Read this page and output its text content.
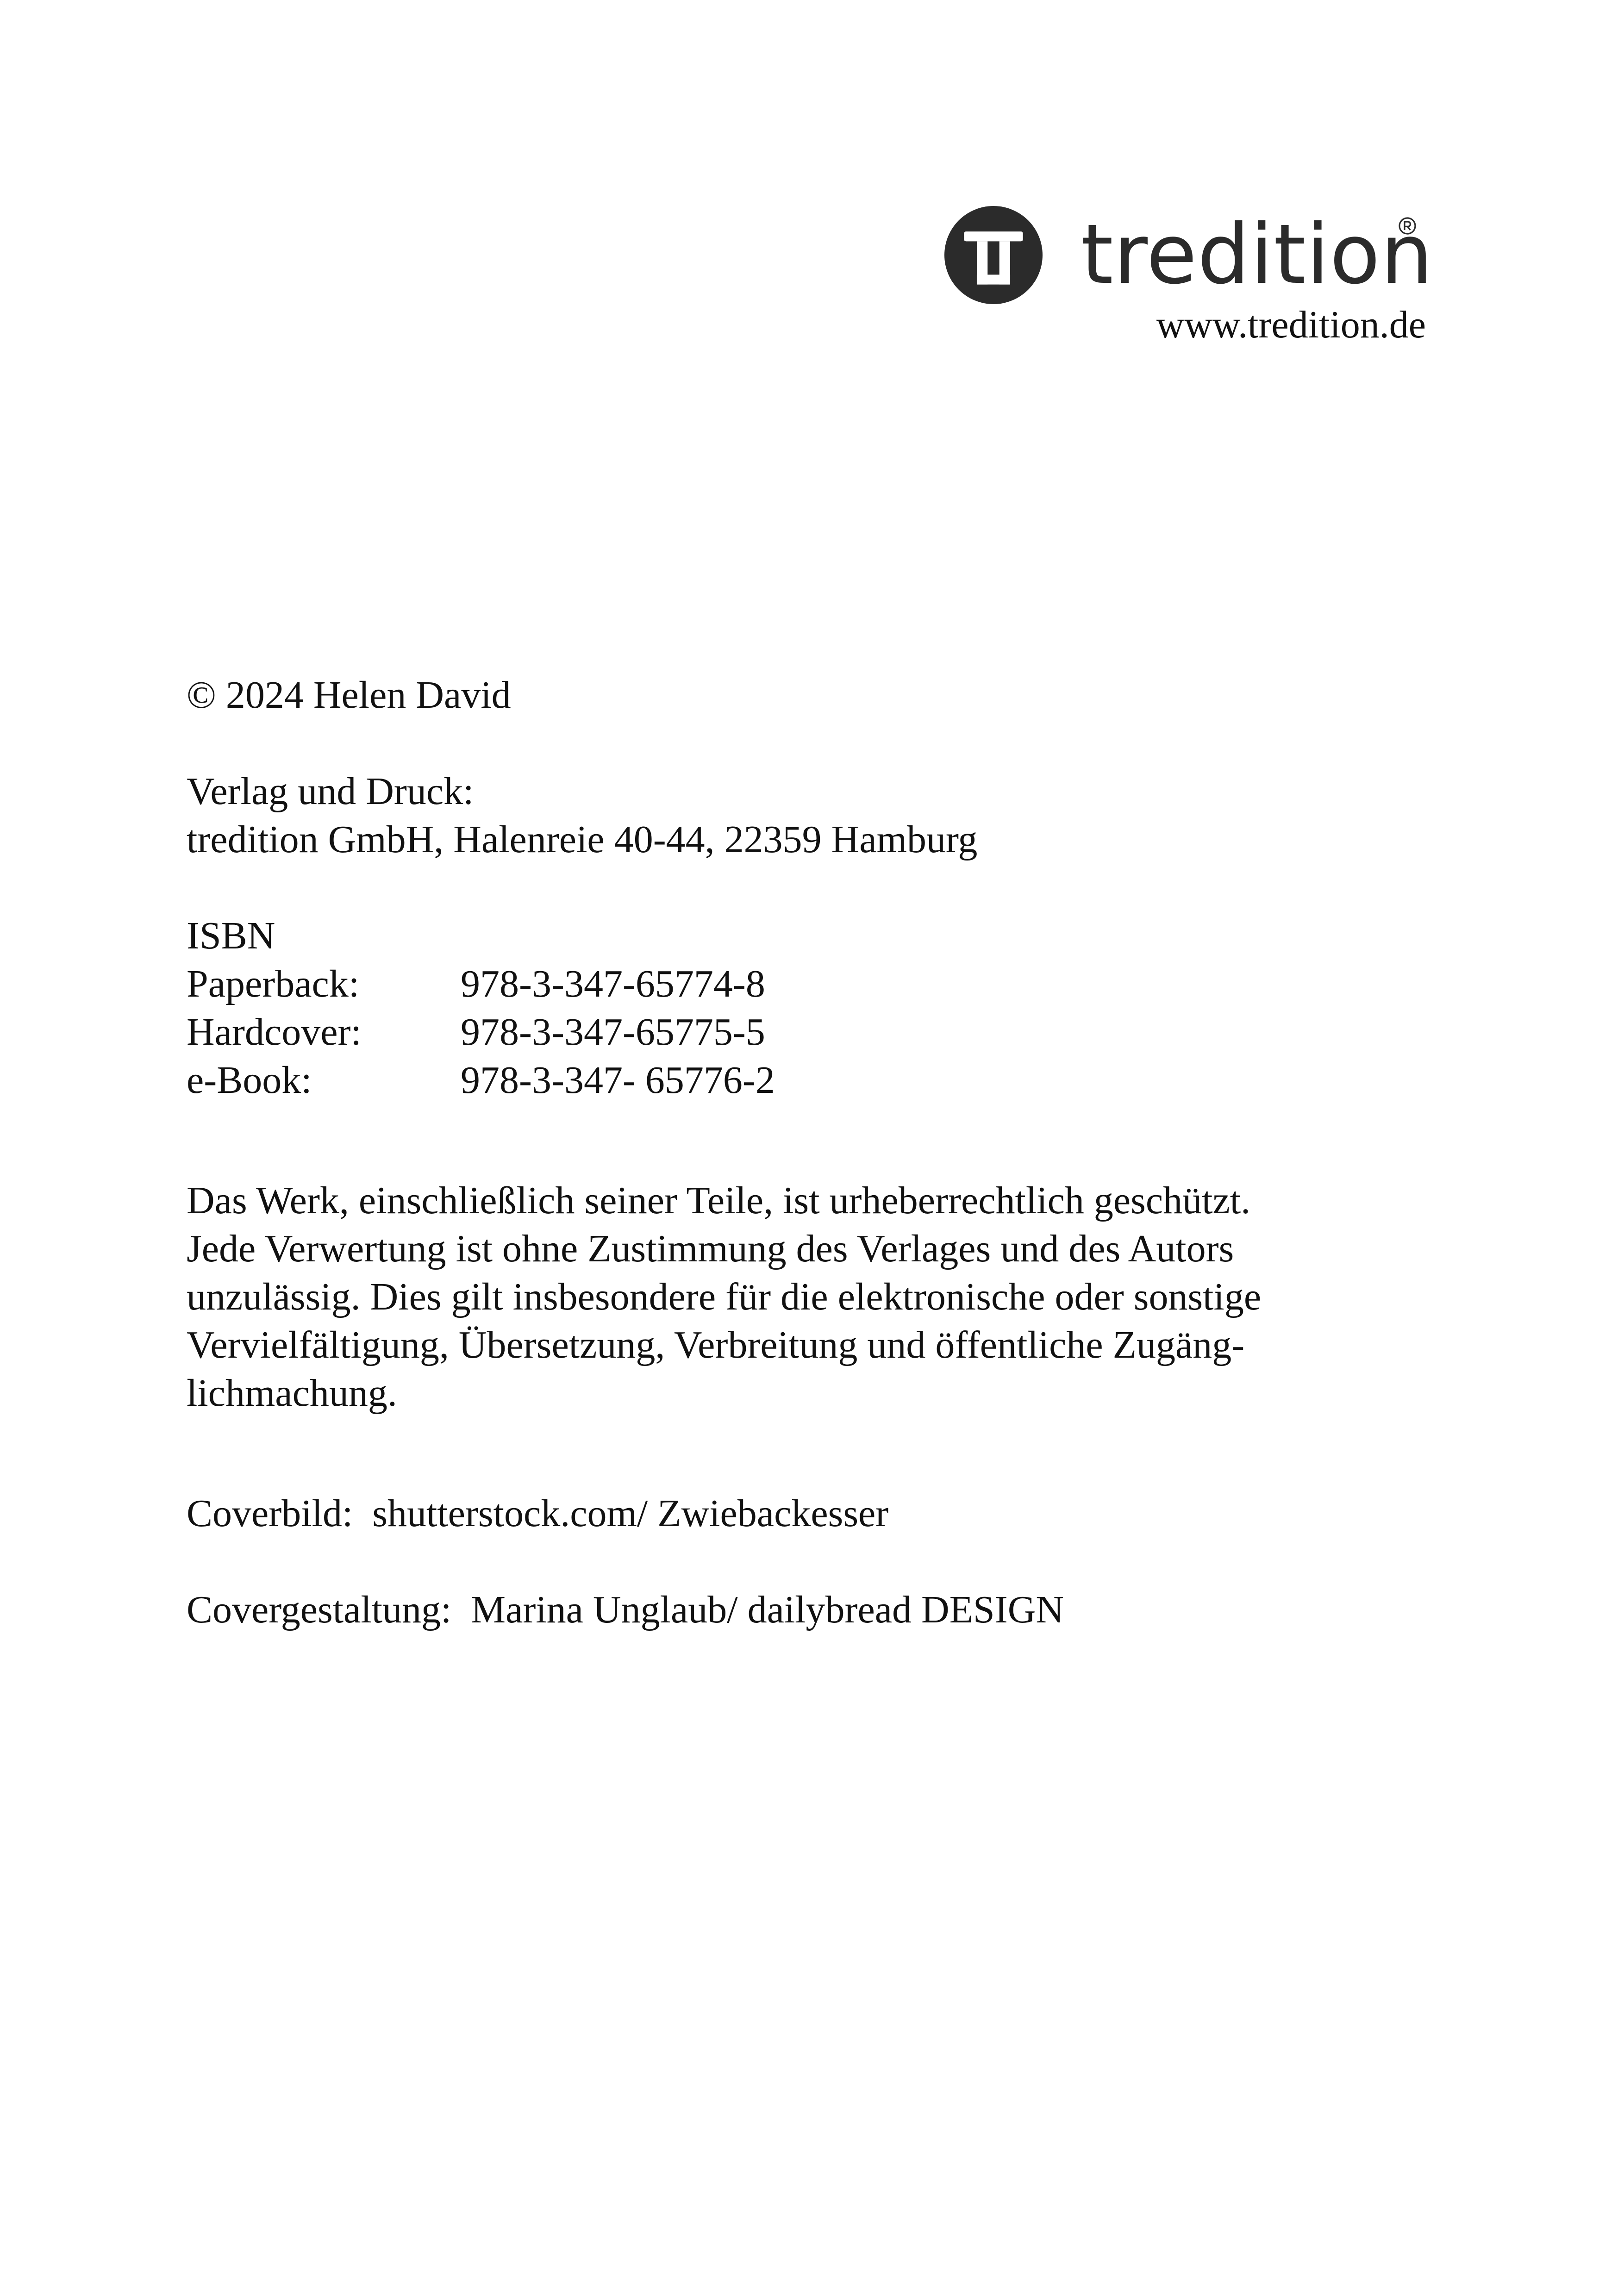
tredition
www.tredition.de
© 2024 Helen David
Verlag und Druck:
tredition GmbH, Halenreie 40-44, 22359 Hamburg
ISBN
Paperback:	978-3-347-65774-8
Hardcover:	978-3-347-65775-5
e-Book:	978-3-347- 65776-2
Das Werk, einschließlich seiner Teile, ist urheberrechtlich geschützt.
Jede Verwertung ist ohne Zustimmung des Verlages und des Autors
unzulässig. Dies gilt insbesondere für die elektronische oder sonstige
Vervielfältigung, Übersetzung, Verbreitung und öffentliche Zugäng-
lichmachung.
Coverbild: shutterstock.com/ Zwiebackesser
Covergestaltung: Marina Unglaub/ dailybread DESIGN
